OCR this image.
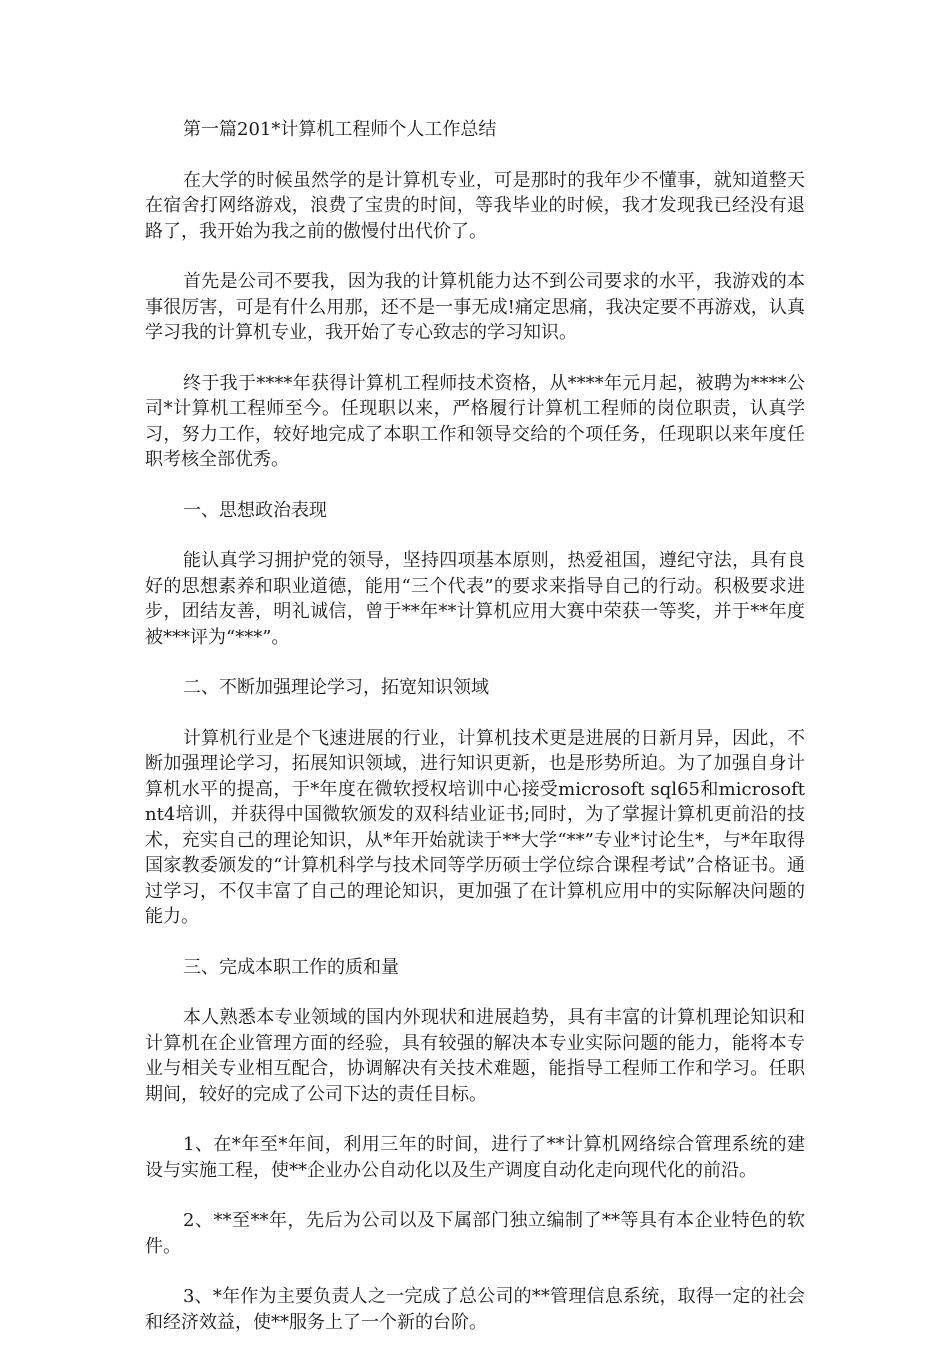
第一篇201*计算机工程师个人工作总结

在大学的时候虽然学的是计算机专业，可是那时的我年少不懂事，就知道整天在宿舍打网络游戏，浪费了宝贵的时间，等我毕业的时候，我才发现我已经没有退路了，我开始为我之前的傲慢付出代价了。

首先是公司不要我，因为我的计算机能力达不到公司要求的水平，我游戏的本事很厉害，可是有什么用那，还不是一事无成!痛定思痛，我决定要不再游戏，认真学习我的计算机专业，我开始了专心致志的学习知识。

终于我于****年获得计算机工程师技术资格，从****年元月起，被聘为****公司*计算机工程师至今。任现职以来，严格履行计算机工程师的岗位职责，认真学习，努力工作，较好地完成了本职工作和领导交给的个项任务，任现职以来年度任职考核全部优秀。

一、思想政治表现

能认真学习拥护党的领导，坚持四项基本原则，热爱祖国，遵纪守法，具有良好的思想素养和职业道德，能用“三个代表”的要求来指导自己的行动。积极要求进步，团结友善，明礼诚信，曾于**年**计算机应用大赛中荣获一等奖，并于**年度被***评为“***”。

二、不断加强理论学习，拓宽知识领域

计算机行业是个飞速进展的行业，计算机技术更是进展的日新月异，因此，不断加强理论学习，拓展知识领域，进行知识更新，也是形势所迫。为了加强自身计算机水平的提高，于*年度在微软授权培训中心接受microsoft sql65和microsoft nt4培训，并获得中国微软颁发的双科结业证书;同时，为了掌握计算机更前沿的技术，充实自己的理论知识，从*年开始就读于**大学“**”专业*讨论生*，与*年取得国家教委颁发的“计算机科学与技术同等学历硕士学位综合课程考试”合格证书。通过学习，不仅丰富了自己的理论知识，更加强了在计算机应用中的实际解决问题的能力。

三、完成本职工作的质和量

本人熟悉本专业领域的国内外现状和进展趋势，具有丰富的计算机理论知识和计算机在企业管理方面的经验，具有较强的解决本专业实际问题的能力，能将本专业与相关专业相互配合，协调解决有关技术难题，能指导工程师工作和学习。任职期间，较好的完成了公司下达的责任目标。

1、在*年至*年间，利用三年的时间，进行了**计算机网络综合管理系统的建设与实施工程，使**企业办公自动化以及生产调度自动化走向现代化的前沿。

2、**至**年，先后为公司以及下属部门独立编制了**等具有本企业特色的软件。

3、*年作为主要负责人之一完成了总公司的**管理信息系统，取得一定的社会和经济效益，使**服务上了一个新的台阶。
